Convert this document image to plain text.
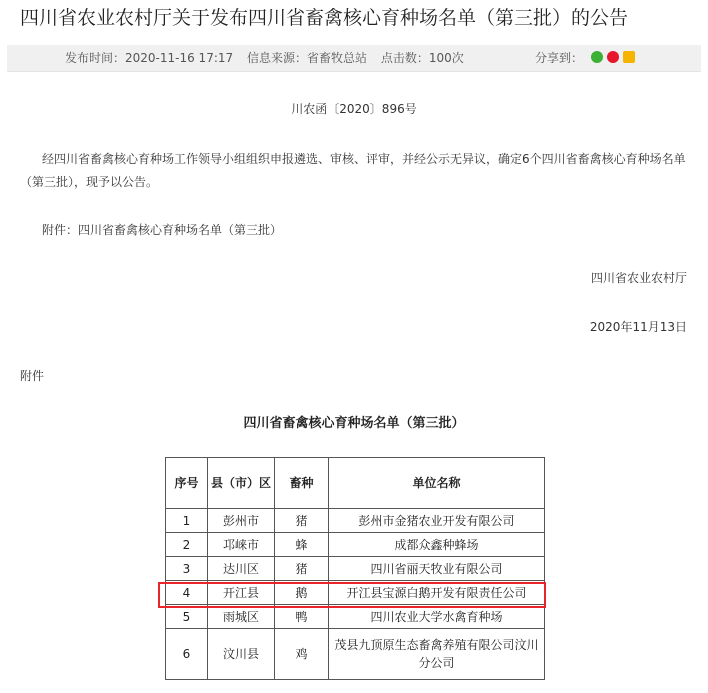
四川省农业农村厅关于发布四川省畜禽核心育种场名单（第三批）的公告
发布时间：2020-11-16 17:17 信息来源：省畜牧总站 点击数：100次	分享到：
川农函〔2020〕896号
经四川省畜禽核心育种场工作领导小组组织申报遴选、审核、评审，并经公示无异议，确定6个四川省畜禽核心育种场名单（第三批），现予以公告。
附件：四川省畜禽核心育种场名单（第三批）
四川省农业农村厅
2020年11月13日
附件
四川省畜禽核心育种场名单（第三批）
序号	县（市）区	畜种	单位名称
1	彭州市	猪	彭州市金猪农业开发有限公司
2	邛崃市	蜂	成都众鑫种蜂场
3	达川区	猪	四川省丽天牧业有限公司
4	开江县	鹅	开江县宝源白鹅开发有限责任公司
5	雨城区	鸭	四川农业大学水禽育种场
6	汶川县	鸡	茂县九顶原生态畜禽养殖有限公司汶川分公司
